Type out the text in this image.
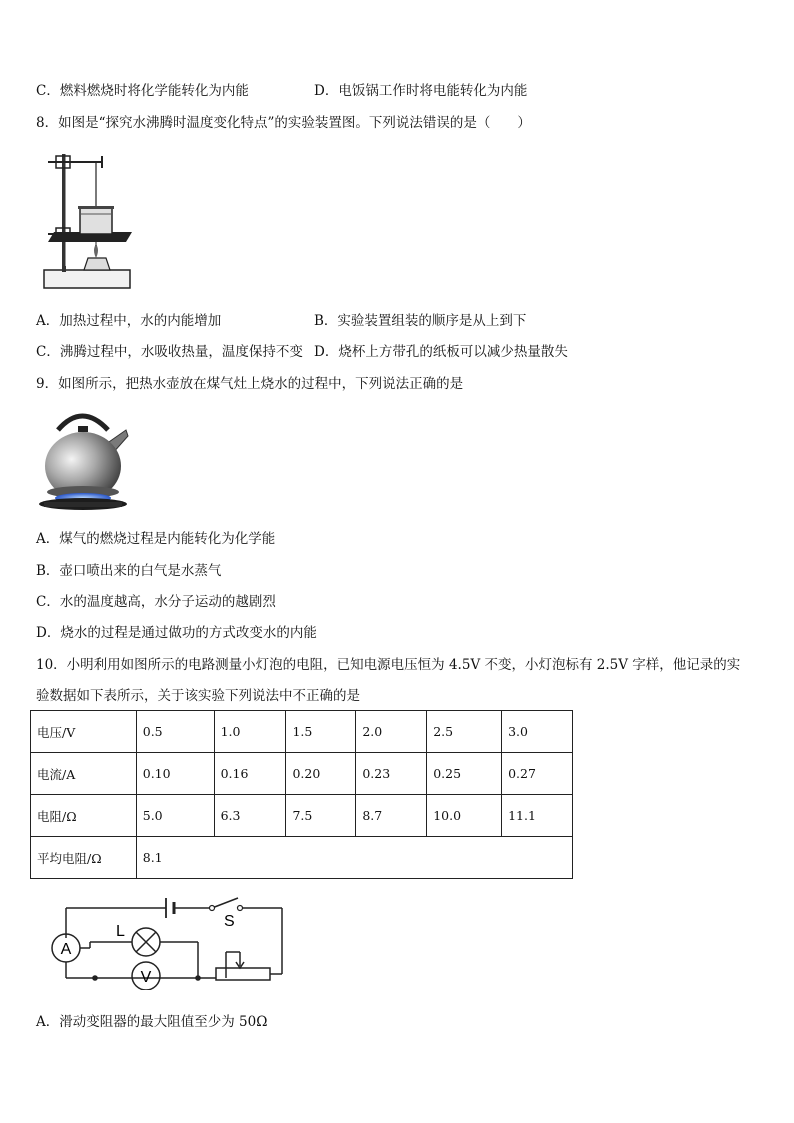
C．燃料燃烧时将化学能转化为内能	D．电饭锅工作时将电能转化为内能
8．如图是“探究水沸腾时温度变化特点”的实验装置图。下列说法错误的是（　　）
A．加热过程中，水的内能增加	B．实验装置组装的顺序是从上到下
C．沸腾过程中，水吸收热量，温度保持不变 D．烧杯上方带孔的纸板可以减少热量散失
9．如图所示，把热水壶放在煤气灶上烧水的过程中，下列说法正确的是
A．煤气的燃烧过程是内能转化为化学能
B．壶口喷出来的白气是水蒸气
C．水的温度越高，水分子运动的越剧烈
D．烧水的过程是通过做功的方式改变水的内能
10．小明利用如图所示的电路测量小灯泡的电阻，已知电源电压恒为 4.5V 不变，小灯泡标有 2.5V 字样，他记录的实
验数据如下表所示，关于该实验下列说法中不正确的是
电压/V	0.5	1.0	1.5	2.0	2.5	3.0
电流/A	0.10	0.16	0.20	0.23	0.25	0.27
电阻/Ω	5.0	6.3	7.5	8.7	10.0	11.1
平均电阻/Ω	8.1					
A
V
L
S
A．滑动变阻器的最大阻值至少为 50Ω
